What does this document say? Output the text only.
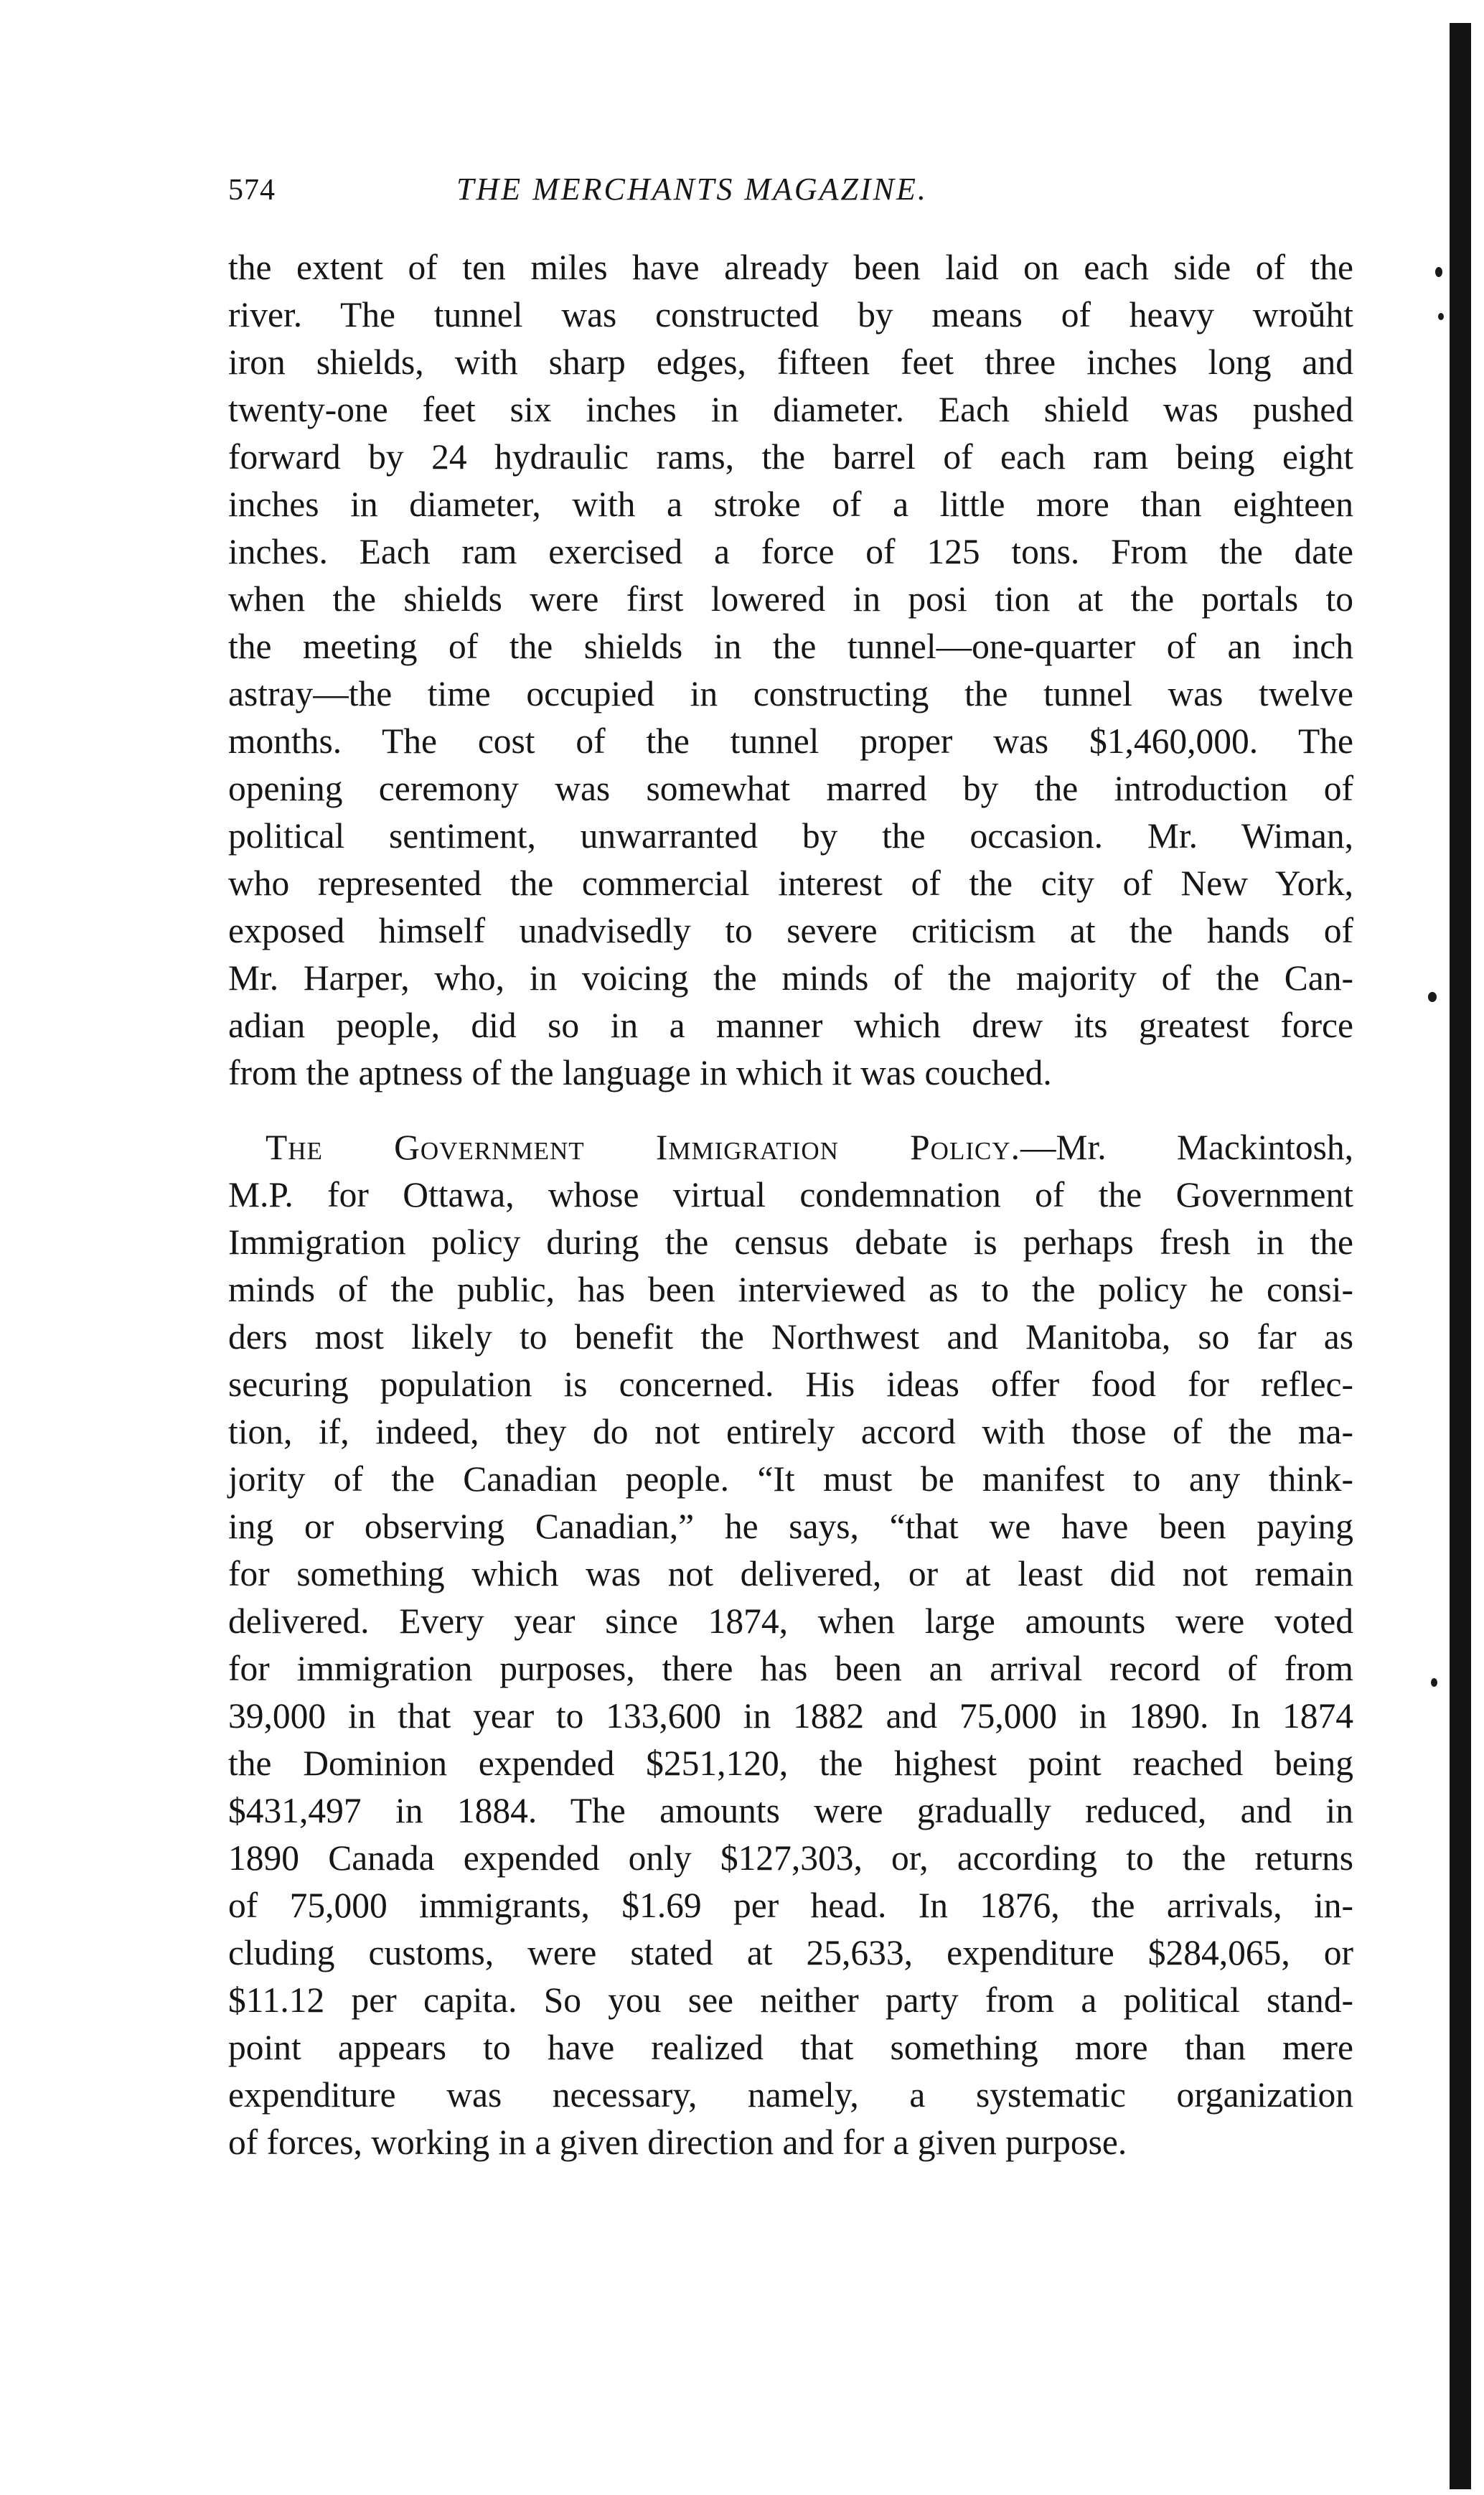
574	THE MERCHANTS MAGAZINE.
the extent of ten miles have already been laid on each side of the
river. The tunnel was constructed by means of heavy wroŭht
iron shields, with sharp edges, fifteen feet three inches long and
twenty-one feet six inches in diameter. Each shield was pushed
forward by 24 hydraulic rams, the barrel of each ram being eight
inches in diameter, with a stroke of a little more than eighteen
inches. Each ram exercised a force of 125 tons. From the date
when the shields were first lowered in posi tion at the portals to
the meeting of the shields in the tunnel—one-quarter of an inch
astray—the time occupied in constructing the tunnel was twelve
months. The cost of the tunnel proper was $1,460,000. The
opening ceremony was somewhat marred by the introduction of
political sentiment, unwarranted by the occasion. Mr. Wiman,
who represented the commercial interest of the city of New York,
exposed himself unadvisedly to severe criticism at the hands of
Mr. Harper, who, in voicing the minds of the majority of the Can-
adian people, did so in a manner which drew its greatest force
from the aptness of the language in which it was couched.
The Government Immigration Policy.—Mr. Mackintosh,
M.P. for Ottawa, whose virtual condemnation of the Government
Immigration policy during the census debate is perhaps fresh in the
minds of the public, has been interviewed as to the policy he consi-
ders most likely to benefit the Northwest and Manitoba, so far as
securing population is concerned. His ideas offer food for reflec-
tion, if, indeed, they do not entirely accord with those of the ma-
jority of the Canadian people. “It must be manifest to any think-
ing or observing Canadian,” he says, “that we have been paying
for something which was not delivered, or at least did not remain
delivered. Every year since 1874, when large amounts were voted
for immigration purposes, there has been an arrival record of from
39,000 in that year to 133,600 in 1882 and 75,000 in 1890. In 1874
the Dominion expended $251,120, the highest point reached being
$431,497 in 1884. The amounts were gradually reduced, and in
1890 Canada expended only $127,303, or, according to the returns
of 75,000 immigrants, $1.69 per head. In 1876, the arrivals, in-
cluding customs, were stated at 25,633, expenditure $284,065, or
$11.12 per capita. So you see neither party from a political stand-
point appears to have realized that something more than mere
expenditure was necessary, namely, a systematic organization
of forces, working in a given direction and for a given purpose.
